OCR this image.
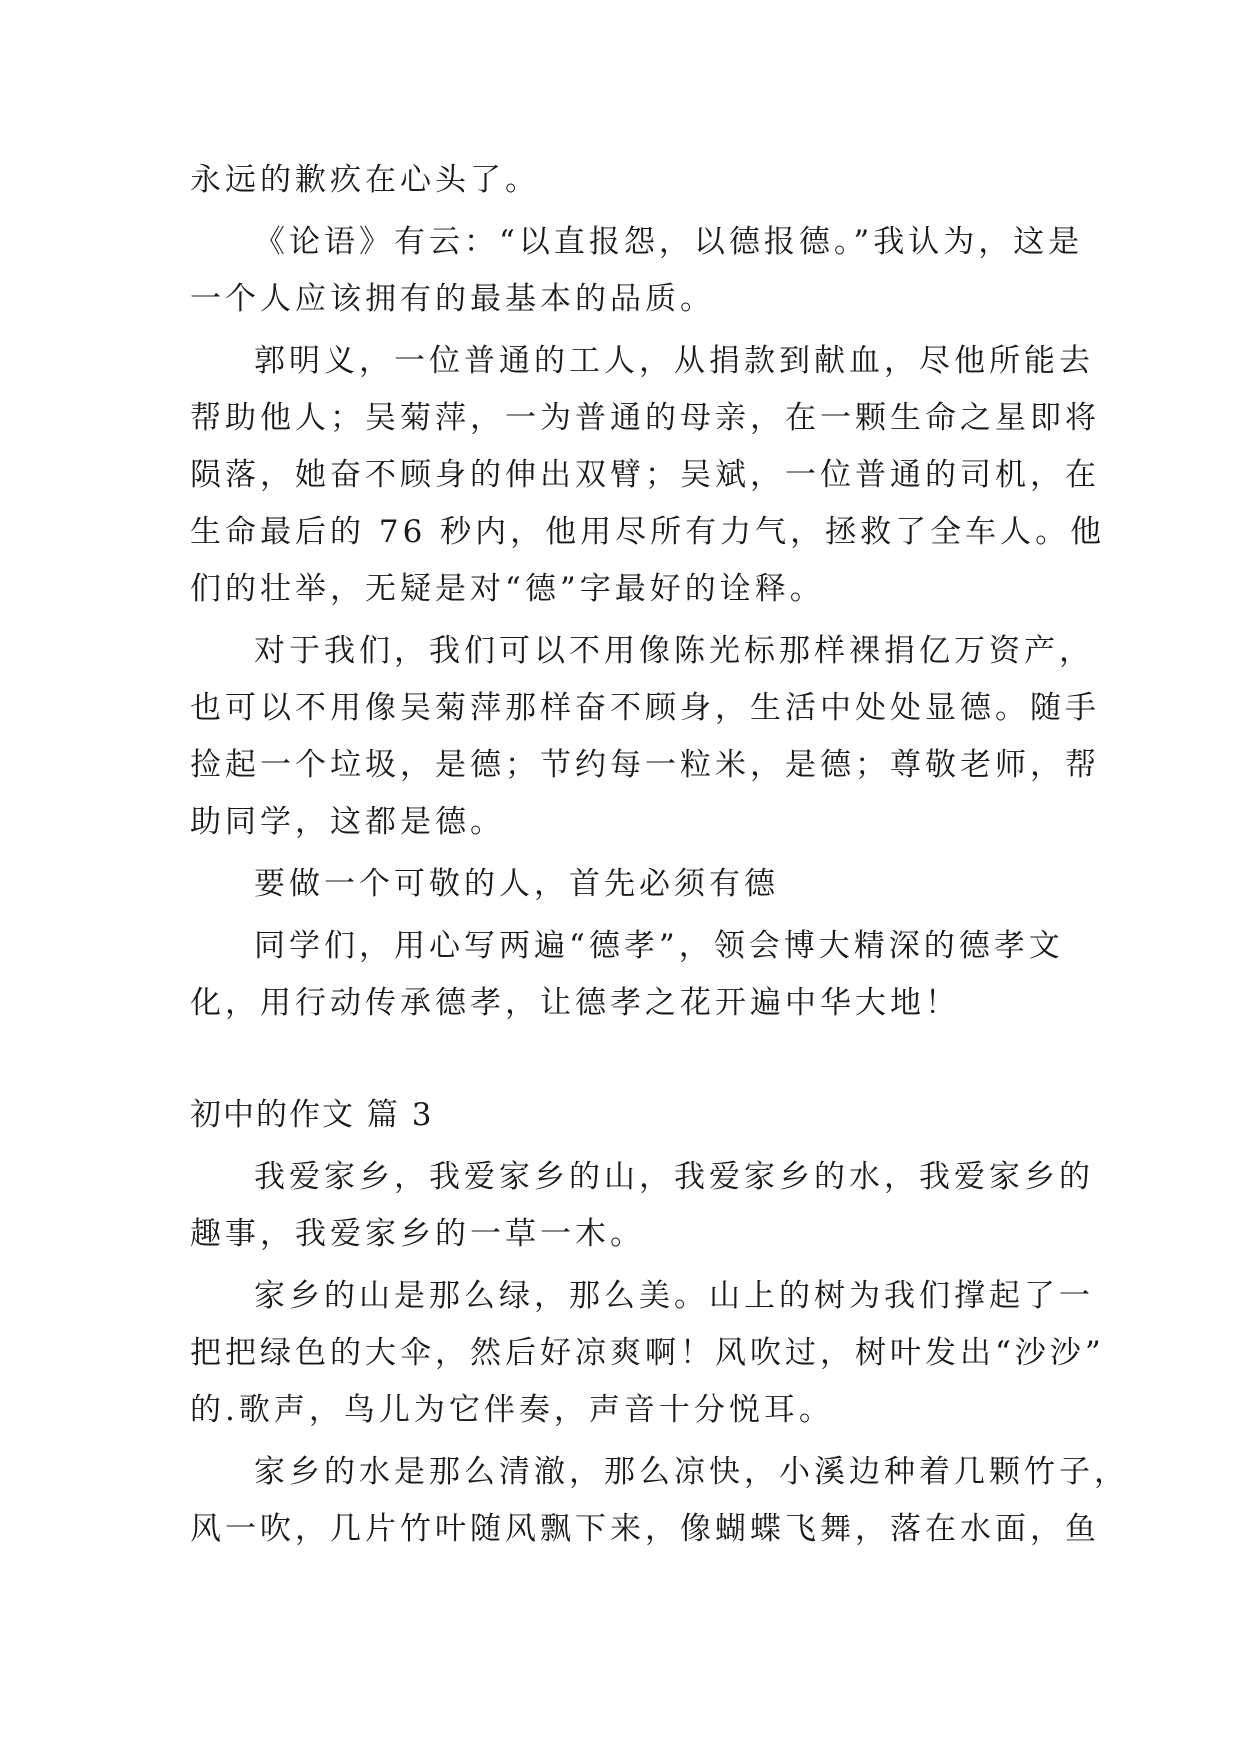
永远的歉疚在心头了。
《论语》有云：“以直报怨，以德报德。”我认为，这是
一个人应该拥有的最基本的品质。
郭明义，一位普通的工人，从捐款到献血，尽他所能去
帮助他人；吴菊萍，一为普通的母亲，在一颗生命之星即将
陨落，她奋不顾身的伸出双臂；吴斌，一位普通的司机，在
生命最后的 76 秒内，他用尽所有力气，拯救了全车人。他
们的壮举，无疑是对“德”字最好的诠释。
对于我们，我们可以不用像陈光标那样裸捐亿万资产，
也可以不用像吴菊萍那样奋不顾身，生活中处处显德。随手
捡起一个垃圾，是德；节约每一粒米，是德；尊敬老师，帮
助同学，这都是德。
要做一个可敬的人，首先必须有德
同学们，用心写两遍“德孝”，领会博大精深的德孝文
化，用行动传承德孝，让德孝之花开遍中华大地！
初中的作文 篇 3
我爱家乡，我爱家乡的山，我爱家乡的水，我爱家乡的
趣事，我爱家乡的一草一木。
家乡的山是那么绿，那么美。山上的树为我们撑起了一
把把绿色的大伞，然后好凉爽啊！风吹过，树叶发出“沙沙”
的.歌声，鸟儿为它伴奏，声音十分悦耳。
家乡的水是那么清澈，那么凉快，小溪边种着几颗竹子，
风一吹，几片竹叶随风飘下来，像蝴蝶飞舞，落在水面，鱼
